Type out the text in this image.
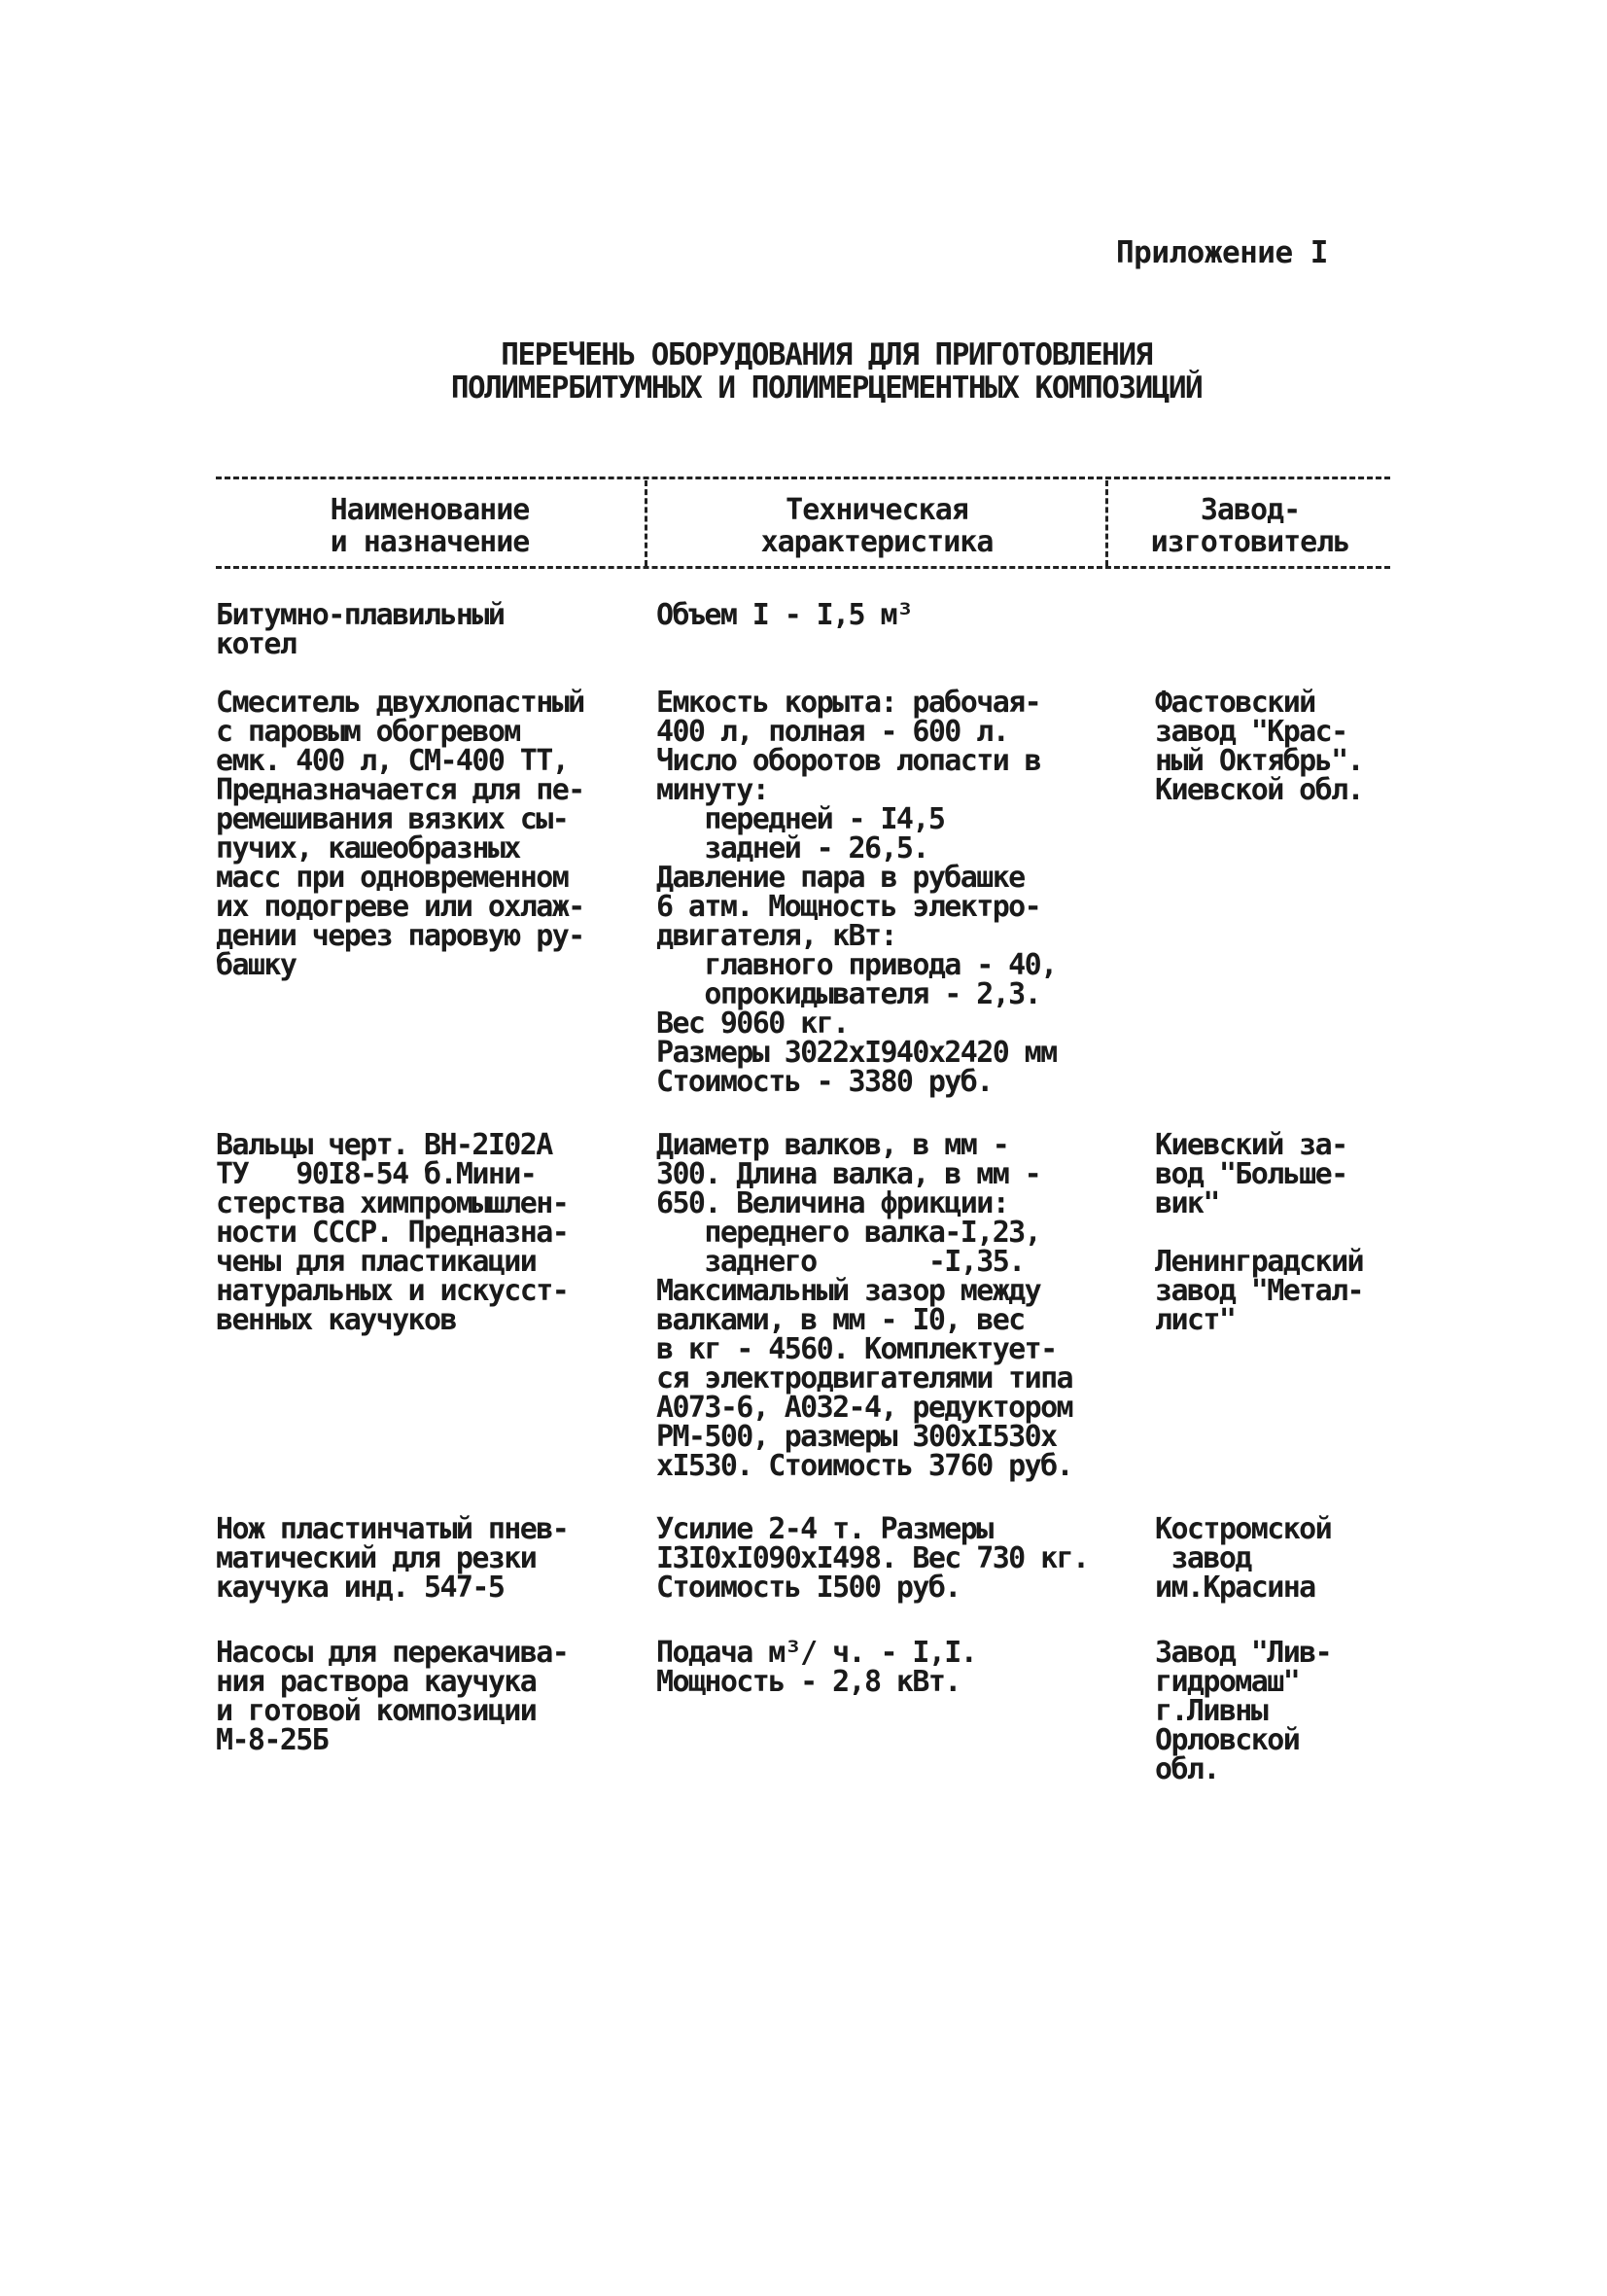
Приложение I
ПЕРЕЧЕНЬ ОБОРУДОВАНИЯ ДЛЯ ПРИГОТОВЛЕНИЯ
ПОЛИМЕРБИТУМНЫХ И ПОЛИМЕРЦЕМЕНТНЫХ КОМПОЗИЦИЙ
Наименование
и назначение
Техническая
характеристика
Завод-
изготовитель
Битумно-плавильный
котел
Объем I - I,5 м³
Смеситель двухлопастный
с паровым обогревом
емк. 400 л, СМ-400 ТТ,
Предназначается для пе-
ремешивания вязких сы-
пучих, кашеобразных
масс при одновременном
их подогреве или охлаж-
дении через паровую ру-
башку
Емкость корыта: рабочая-
400 л, полная - 600 л.
Число оборотов лопасти в
минуту:
передней - I4,5
задней - 26,5.
Давление пара в рубашке
6 атм. Мощность электро-
двигателя, кВт:
главного привода - 40,
опрокидывателя - 2,3.
Вес 9060 кг.
Размеры 3022хI940х2420 мм
Стоимость - 3380 руб.
Фастовский
завод "Крас-
ный Октябрь".
Киевской обл.
Вальцы черт. ВН-2I02А
ТУ   90I8-54 б.Мини-
стерства химпромышлен-
ности СССР. Предназна-
чены для пластикации
натуральных и искусст-
венных каучуков
Диаметр валков, в мм -
300. Длина валка, в мм -
650. Величина фрикции:
переднего валка-I,23,
заднего       -I,35.
Максимальный зазор между
валками, в мм - I0, вес
в кг - 4560. Комплектует-
ся электродвигателями типа
А073-6, А032-4, редуктором
РМ-500, размеры 300хI530х
хI530. Стоимость 3760 руб.
Киевский за-
вод "Больше-
вик"
Ленинградский
завод "Метал-
лист"
Нож пластинчатый пнев-
матический для резки
каучука инд. 547-5
Усилие 2-4 т. Размеры
I3I0хI090хI498. Вес 730 кг.
Стоимость I500 руб.
Костромской
завод
им.Красина
Насосы для перекачива-
ния раствора каучука
и готовой композиции
М-8-25Б
Подача м³/ ч. - I,I.
Мощность - 2,8 кВт.
Завод "Лив-
гидромаш"
г.Ливны
Орловской
обл.
